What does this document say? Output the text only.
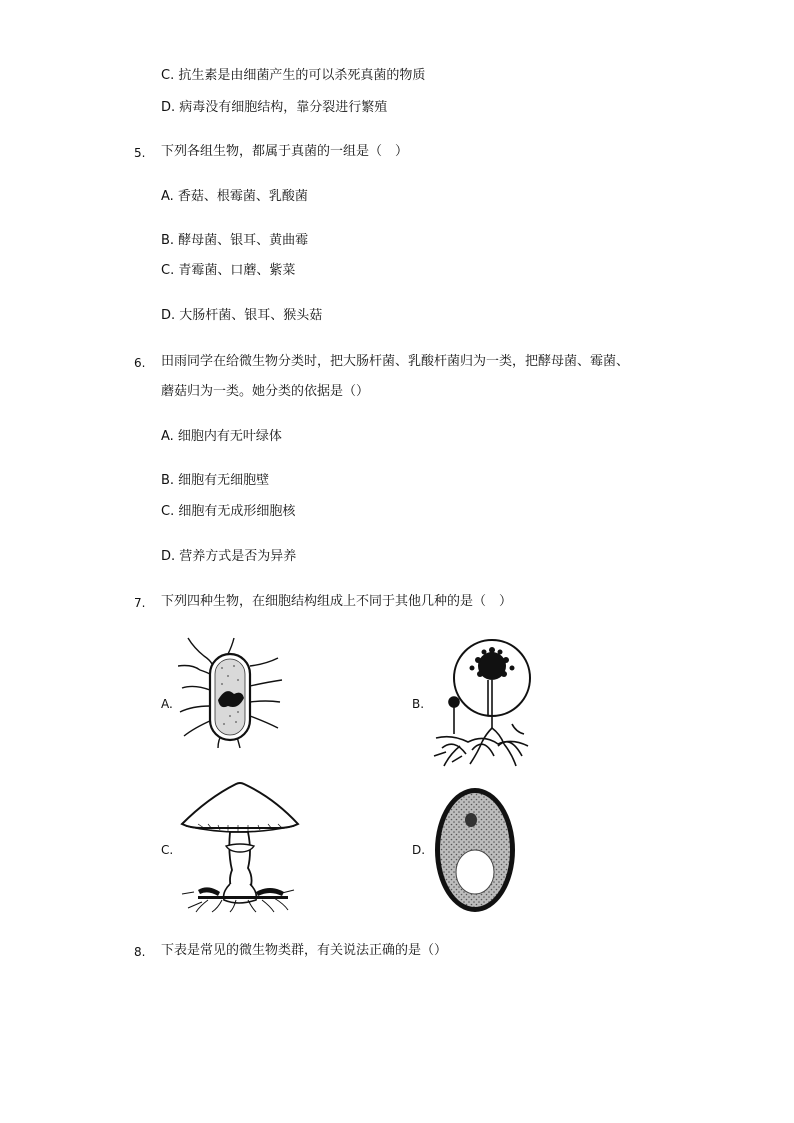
C. 抗生素是由细菌产生的可以杀死真菌的物质
D. 病毒没有细胞结构，靠分裂进行繁殖
5. 下列各组生物，都属于真菌的一组是（　）
A. 香菇、根霉菌、乳酸菌
B. 酵母菌、银耳、黄曲霉
C. 青霉菌、口蘑、紫菜
D. 大肠杆菌、银耳、猴头菇
6. 田雨同学在给微生物分类时，把大肠杆菌、乳酸杆菌归为一类，把酵母菌、霉菌、
蘑菇归为一类。她分类的依据是（）
A. 细胞内有无叶绿体
B. 细胞有无细胞壁
C. 细胞有无成形细胞核
D. 营养方式是否为异养
7. 下列四种生物，在细胞结构组成上不同于其他几种的是（　）
A.	B.
C.	D.
8. 下表是常见的微生物类群，有关说法正确的是（）
